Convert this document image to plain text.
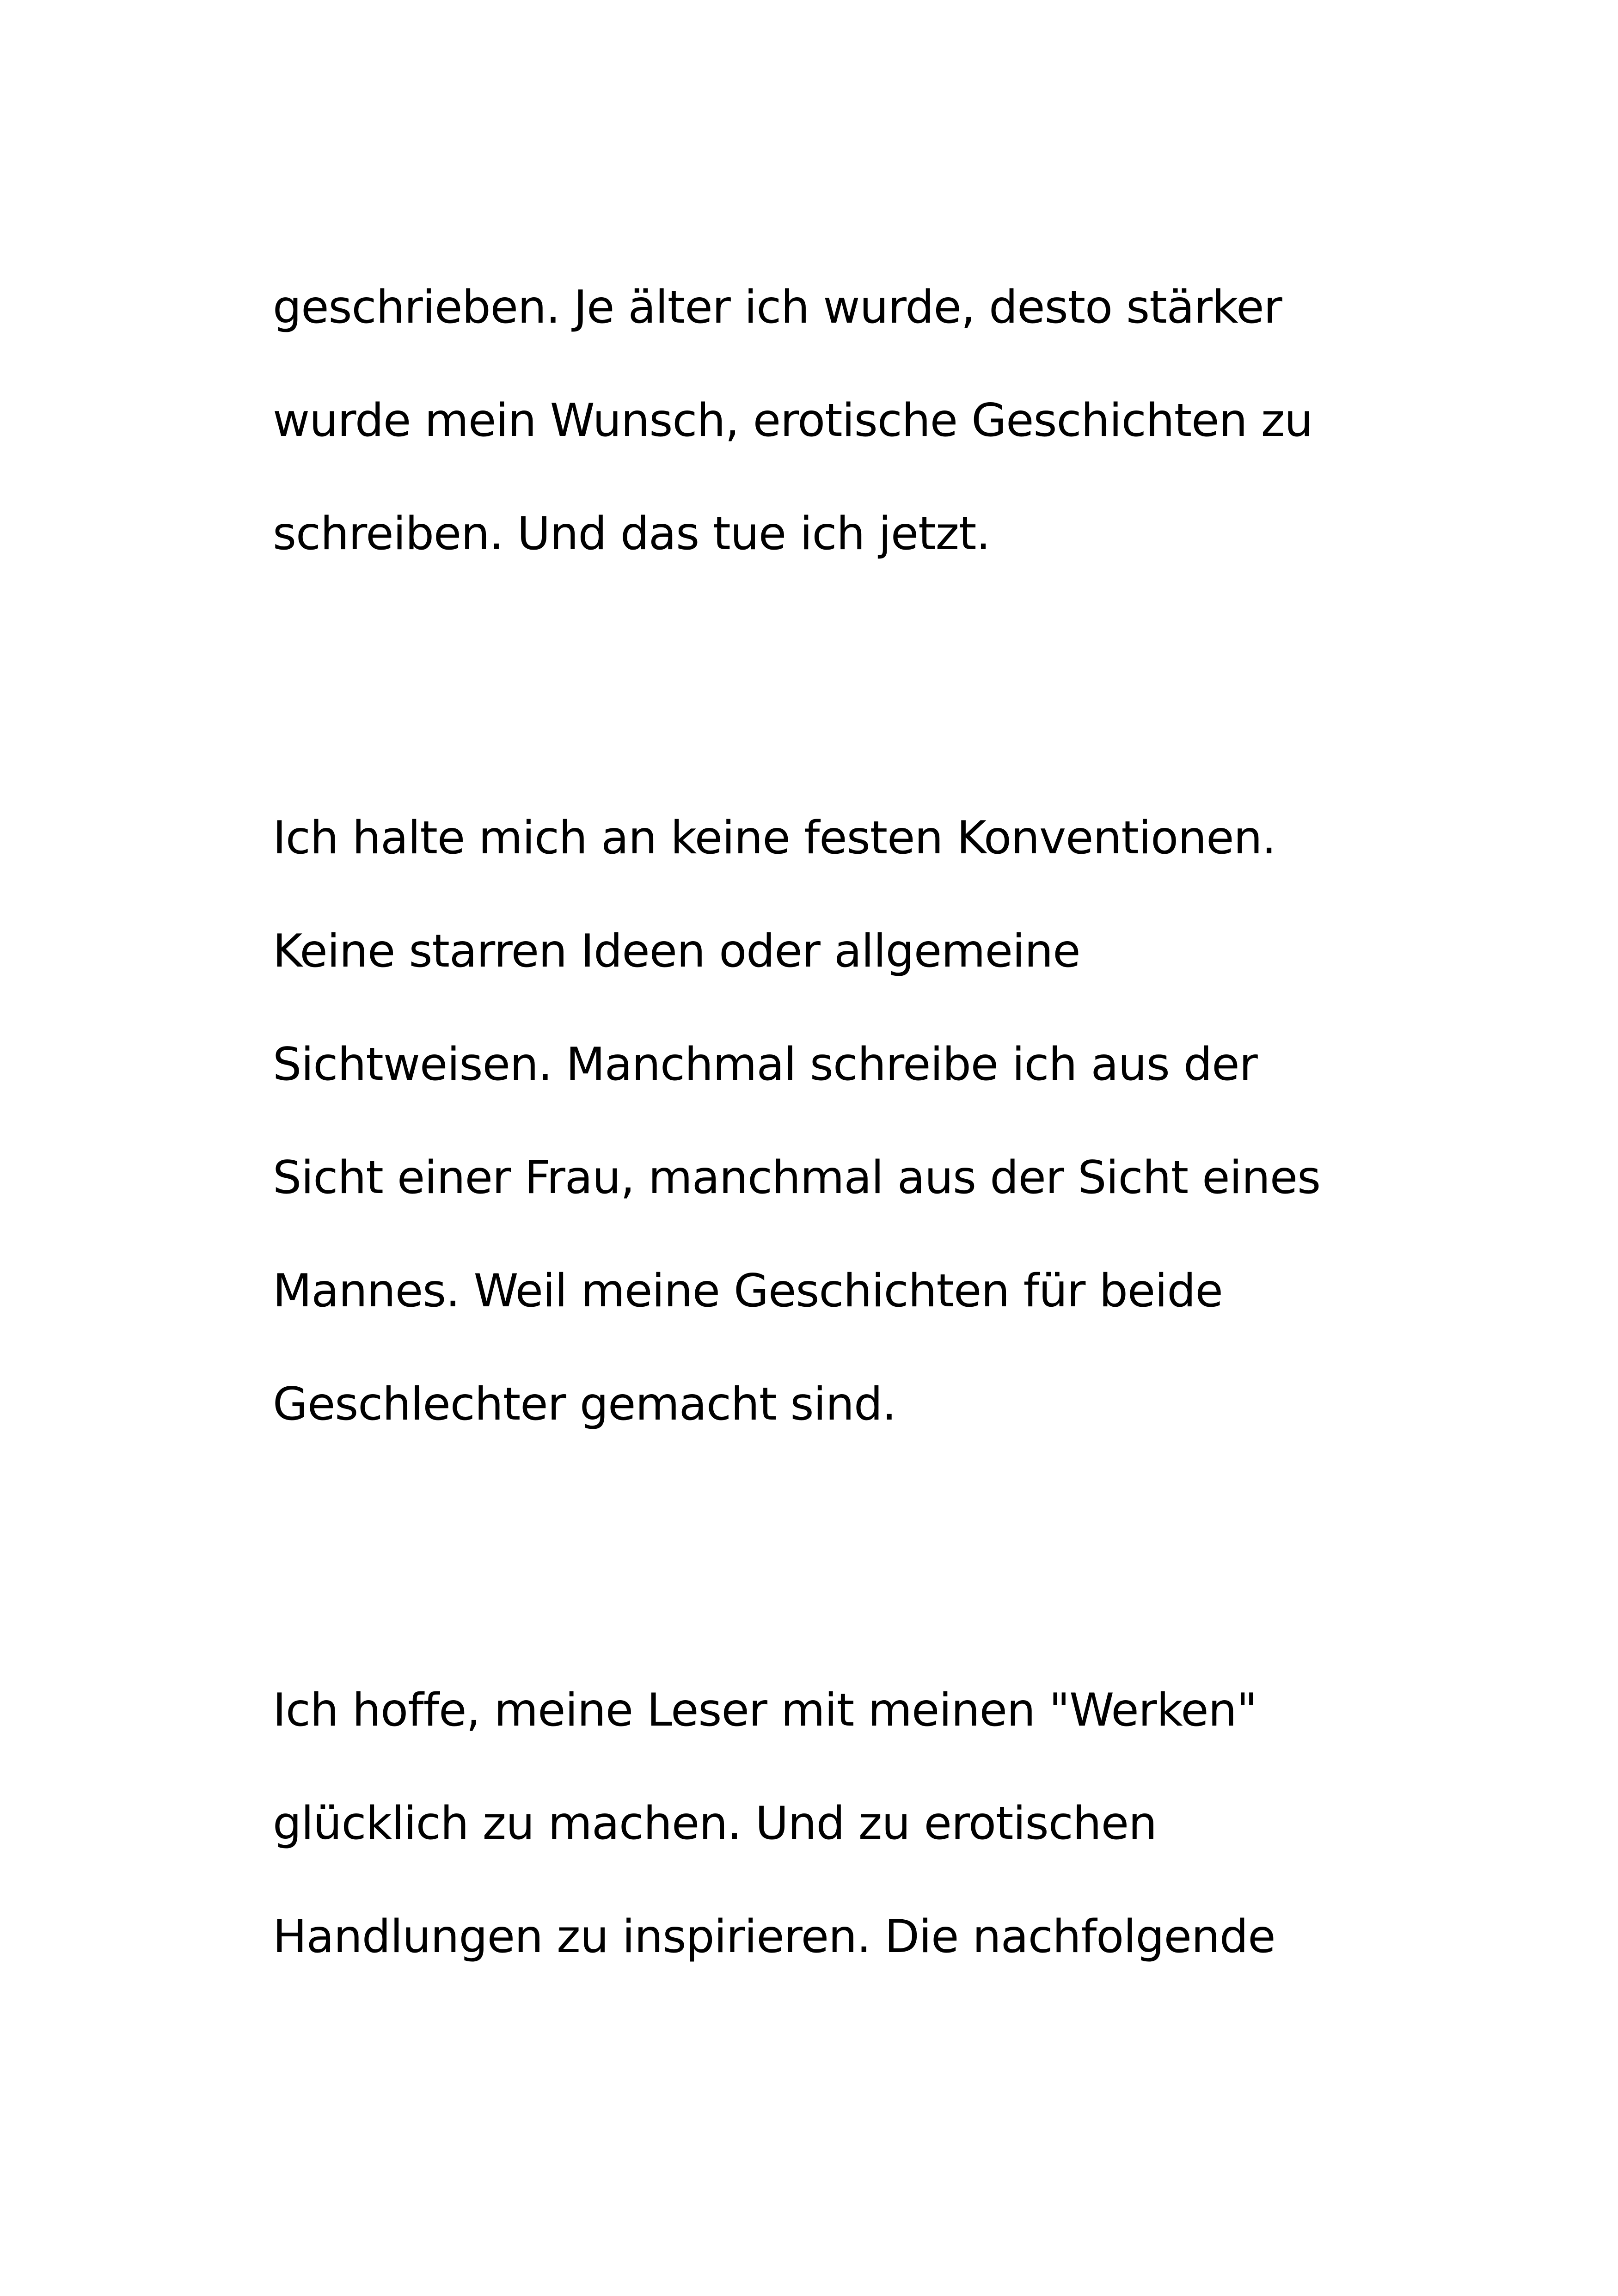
geschrieben. Je älter ich wurde, desto stärker

wurde mein Wunsch, erotische Geschichten zu

schreiben. Und das tue ich jetzt.

Ich halte mich an keine festen Konventionen.

Keine starren Ideen oder allgemeine

Sichtweisen. Manchmal schreibe ich aus der

Sicht einer Frau, manchmal aus der Sicht eines

Mannes. Weil meine Geschichten für beide

Geschlechter gemacht sind.

Ich hoffe, meine Leser mit meinen "Werken"

glücklich zu machen. Und zu erotischen

Handlungen zu inspirieren. Die nachfolgende
